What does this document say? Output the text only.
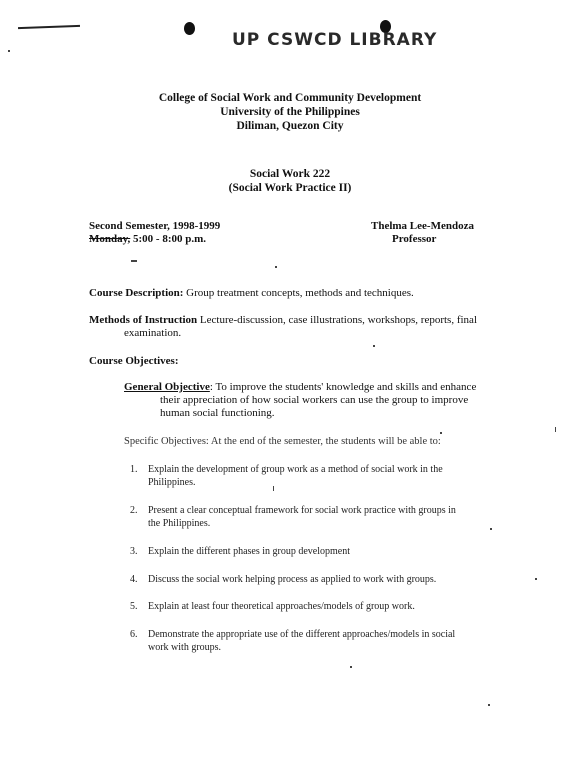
UP CSWCD LIBRARY
College of Social Work and Community Development
University of the Philippines
Diliman, Quezon City
Social Work 222
(Social Work Practice II)
Second Semester, 1998-1999
Monday, 5:00 - 8:00 p.m.
Thelma Lee-Mendoza
Professor
Course Description: Group treatment concepts, methods and techniques.
Methods of Instruction Lecture-discussion, case illustrations, workshops, reports, final
examination.
Course Objectives:
General Objective: To improve the students' knowledge and skills and enhance
their appreciation of how social workers can use the group to improve
human social functioning.
Specific Objectives: At the end of the semester, the students will be able to:
1. Explain the development of group work as a method of social work in the
Philippines.
2. Present a clear conceptual framework for social work practice with groups in
the Philippines.
3. Explain the different phases in group development
4. Discuss the social work helping process as applied to work with groups.
5. Explain at least four theoretical approaches/models of group work.
6. Demonstrate the appropriate use of the different approaches/models in social
work with groups.
